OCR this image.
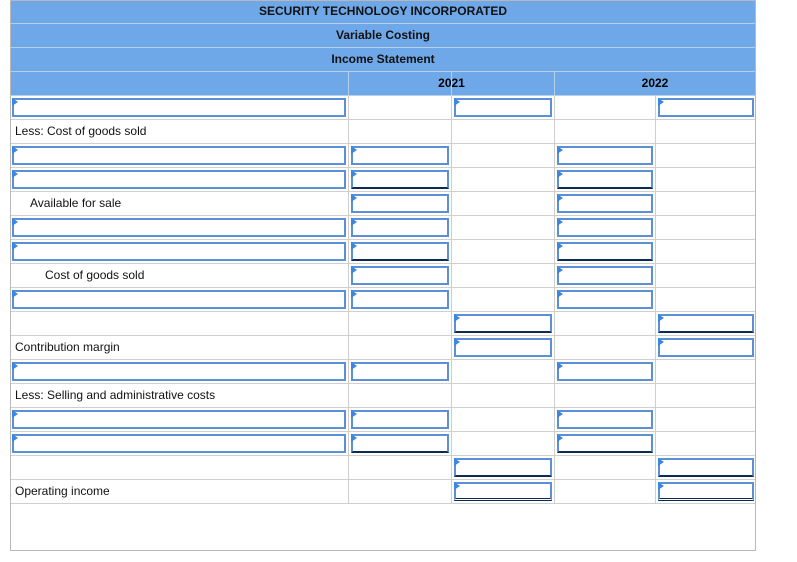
SECURITY TECHNOLOGY INCORPORATED
Variable Costing
Income Statement
2021	2022
Less: Cost of goods sold
Available for sale
Cost of goods sold
Contribution margin
Less: Selling and administrative costs
Operating income
